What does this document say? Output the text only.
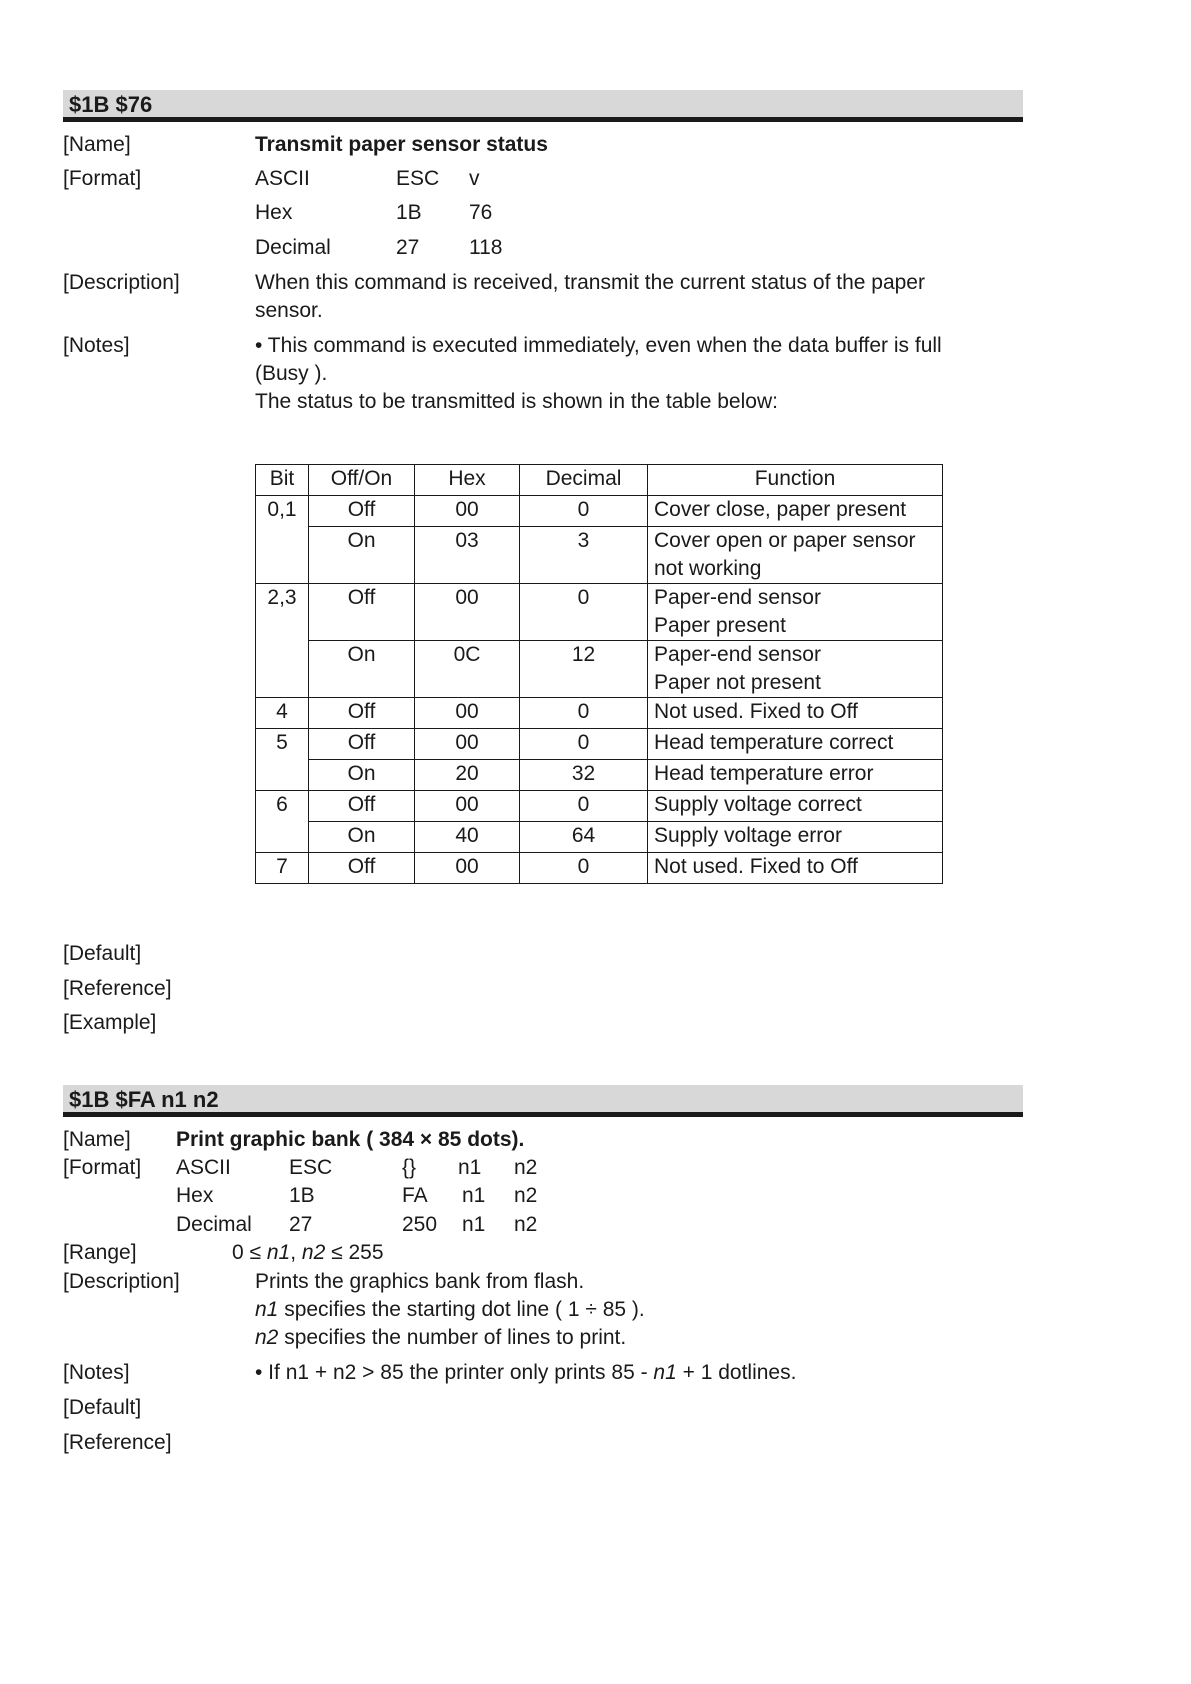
$1B $76
[Name]	Transmit paper sensor status
[Format]	ASCII	ESC v
Hex	1B 76
Decimal	27 118
[Description]	When this command is received, transmit the current status of the paper
sensor.
[Notes]	• This command is executed immediately, even when the data buffer is full
(Busy ).
The status to be transmitted is shown in the table below:
Bit	Off/On	Hex	Decimal	Function
0,1	Off	00	0	Cover close, paper present
	On	03	3	Cover open or paper sensor
not working

2,3	Off	00	0	Paper-end sensor
Paper present

	On	0C	12	Paper-end sensor
Paper not present

4	Off	00	0	Not used. Fixed to Off
5	Off	00	0	Head temperature correct
	On	20	32	Head temperature error
6	Off	00	0	Supply voltage correct
	On	40	64	Supply voltage error
7	Off	00	0	Not used. Fixed to Off
[Default]
[Reference]
[Example]
$1B $FA n1 n2
[Name] Print graphic bank ( 384 × 85 dots).
[Format] ASCII	ESC	{} n1 n2
Hex	1B	FA n1 n2
Decimal 27	250 n1 n2
[Range]	0 ≤ n1, n2 ≤ 255
[Description]	Prints the graphics bank from flash.
n1 specifies the starting dot line ( 1 ÷ 85 ).
n2 specifies the number of lines to print.
[Notes]	• If n1 + n2 > 85 the printer only prints 85 - n1 + 1 dotlines.
[Default]
[Reference]
